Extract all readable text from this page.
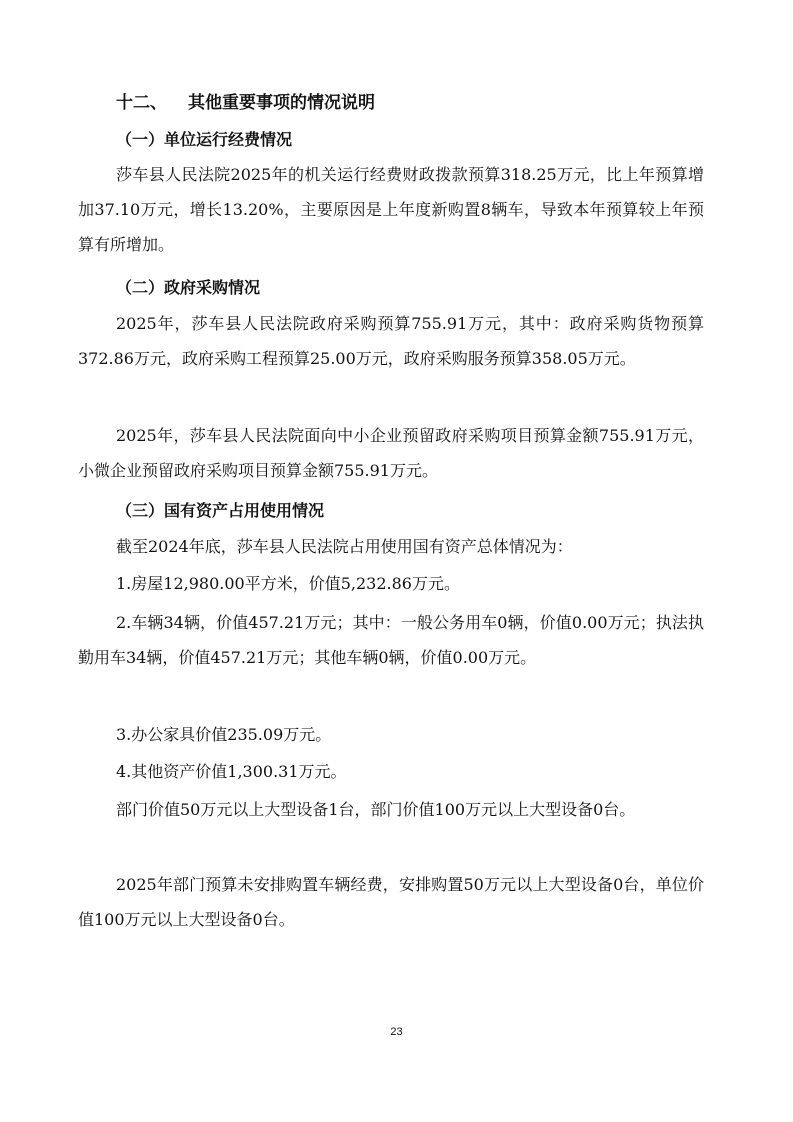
十二、 其他重要事项的情况说明
（一）单位运行经费情况
莎车县人民法院2025年的机关运行经费财政拨款预算318.25万元，比上年预算增加37.10万元，增长13.20%，主要原因是上年度新购置8辆车，导致本年预算较上年预算有所增加。
（二）政府采购情况
2025年，莎车县人民法院政府采购预算755.91万元，其中：政府采购货物预算372.86万元，政府采购工程预算25.00万元，政府采购服务预算358.05万元。
2025年，莎车县人民法院面向中小企业预留政府采购项目预算金额755.91万元，小微企业预留政府采购项目预算金额755.91万元。
（三）国有资产占用使用情况
截至2024年底，莎车县人民法院占用使用国有资产总体情况为：
1.房屋12,980.00平方米，价值5,232.86万元。
2.车辆34辆，价值457.21万元；其中：一般公务用车0辆，价值0.00万元；执法执勤用车34辆，价值457.21万元；其他车辆0辆，价值0.00万元。
3.办公家具价值235.09万元。
4.其他资产价值1,300.31万元。
部门价值50万元以上大型设备1台，部门价值100万元以上大型设备0台。
2025年部门预算未安排购置车辆经费，安排购置50万元以上大型设备0台，单位价值100万元以上大型设备0台。
23
